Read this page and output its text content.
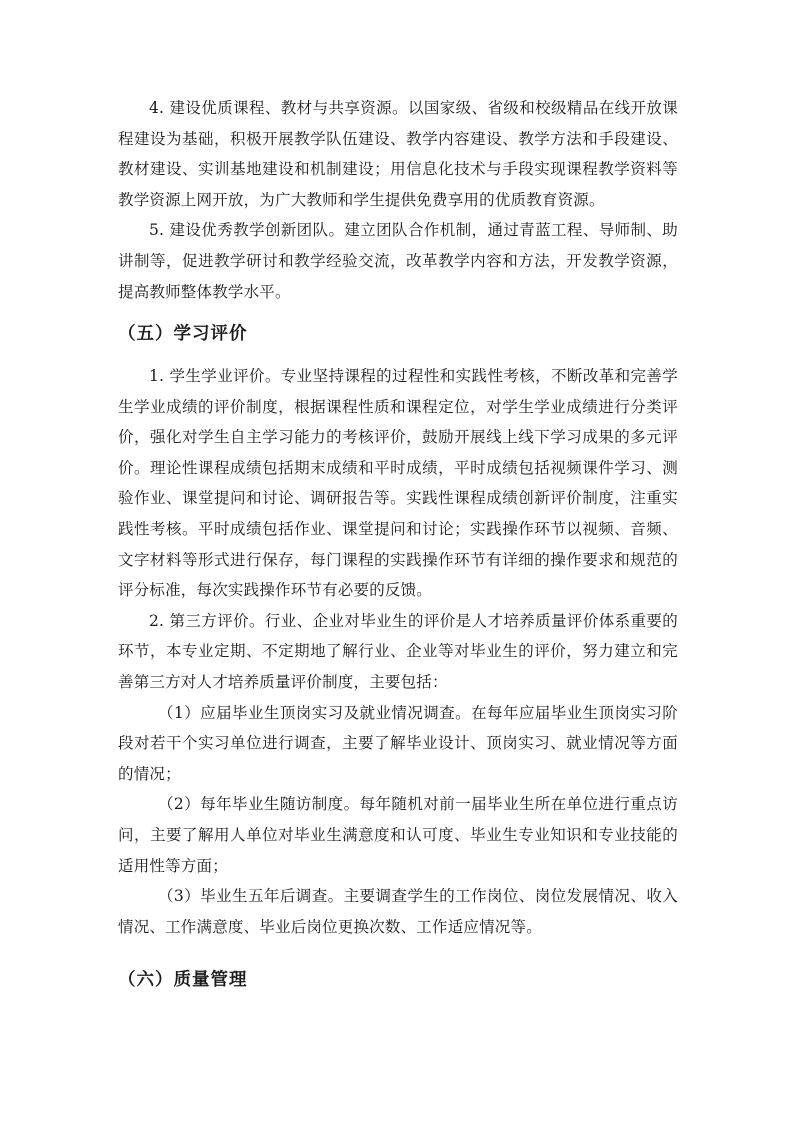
4. 建设优质课程、教材与共享资源。以国家级、省级和校级精品在线开放课程建设为基础，积极开展教学队伍建设、教学内容建设、教学方法和手段建设、教材建设、实训基地建设和机制建设；用信息化技术与手段实现课程教学资料等教学资源上网开放，为广大教师和学生提供免费享用的优质教育资源。

5. 建设优秀教学创新团队。建立团队合作机制，通过青蓝工程、导师制、助讲制等，促进教学研讨和教学经验交流，改革教学内容和方法，开发教学资源，提高教师整体教学水平。

（五）学习评价

1. 学生学业评价。专业坚持课程的过程性和实践性考核，不断改革和完善学生学业成绩的评价制度，根据课程性质和课程定位，对学生学业成绩进行分类评价，强化对学生自主学习能力的考核评价，鼓励开展线上线下学习成果的多元评价。理论性课程成绩包括期末成绩和平时成绩，平时成绩包括视频课件学习、测验作业、课堂提问和讨论、调研报告等。实践性课程成绩创新评价制度，注重实践性考核。平时成绩包括作业、课堂提问和讨论；实践操作环节以视频、音频、文字材料等形式进行保存，每门课程的实践操作环节有详细的操作要求和规范的评分标准，每次实践操作环节有必要的反馈。

2. 第三方评价。行业、企业对毕业生的评价是人才培养质量评价体系重要的环节，本专业定期、不定期地了解行业、企业等对毕业生的评价，努力建立和完善第三方对人才培养质量评价制度，主要包括：

（1）应届毕业生顶岗实习及就业情况调查。在每年应届毕业生顶岗实习阶段对若干个实习单位进行调查，主要了解毕业设计、顶岗实习、就业情况等方面的情况；

（2）每年毕业生随访制度。每年随机对前一届毕业生所在单位进行重点访问，主要了解用人单位对毕业生满意度和认可度、毕业生专业知识和专业技能的适用性等方面；

（3）毕业生五年后调查。主要调查学生的工作岗位、岗位发展情况、收入情况、工作满意度、毕业后岗位更换次数、工作适应情况等。

（六）质量管理
